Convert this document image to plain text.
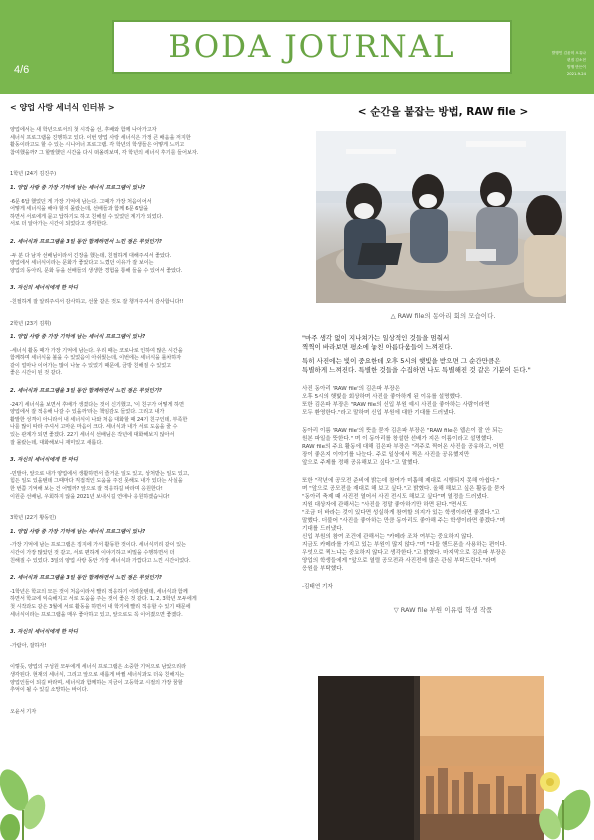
BODA JOURNAL
4/6
발행인 김윤미 오유나
편집 김소현
발행 만든이
2021-9-24
< 양업 사랑 세너식 인터뷰 >
양업에서는 새 학년으로서의 첫 시작을 선, 후배와 함께 나아가고자
세너식 프로그램을 진행하고 있다. 이번 양업 사랑 세너식은 가정 큰 배움을 저지한
활동이라고도 할 수 있는 시니어너 프로그램. 각 학년의 학생들은 어떻게 느끼고
참여했을까? 그 할말했던 시간을 다시 떠올려보며, 각 학년의 세너식 후기를 들어보자.
1학년 (24기 김진주)
1. 양업 사랑 중 가장 기억에 남는 세너식 프로그램이 있나?
-6문 6답 했었던 게 가장 기억에 남는다. 그때가 가장 처음이어서
어떻게 세너식을 해야 할지 몰랐는데, 선배들과 함께 6문 6답을
하면서 서로에게 묻고 답하기도 하고 친해질 수 있었던 계기가 되었다.
서로 더 알아가는 시간이 되었다고 생각한다.
2. 세너식과 프로그램을 3일 동안 함께하면서 느낀 점은 무엇인가?
-두 분 다 남자 선배님이라서 긴장을 했는데, 친절하게 대해주셔서 좋았다.
양업에서 세너식이라는 문화가 좋았다고 느꼈던 이유가 잘 보이는
양업의 동아리, 문화 등을 선배들의 생생한 경험을 통해 들을 수 있어서 좋았다.
3. 자신의 세너식에게 한 마디
-친절하게 잘 알려주셔서 감사하고, 선물 같은 것도 잘 챙겨주셔서 감사합니다!!
2학년 (23기 김휘)
1. 양업 사랑 중 가장 기억에 남는 세너식 프로그램이 있나?
-세너식 활동 때가 가장 기억에 남는다. 우리 때는 코로나로 인하여 많은 시간을
함께하며 세너식을 볼을 수 있었음이 아쉬웠는데, 이번에는 세너식을 롤차하자
같이 얼마나 이어가는 많이 나눌 수 있었기 때문에, 금방 친해질 수 있었고
좋은 시간이 된 것 같다.
2. 세너식과 프로그램을 3일 동안 함께하면서 느낀 점은 무엇인가?
-24기 세너식을 보면서 후배가 생겼다는 것이 신기했고, '이 친구가 어떻게 하면
양업에서 잘 적응해 나갈 수 있을까'라는 책임감도 들었다. 그리고 내가
활발한 성격이 아니라서 내 세너식이 나와 처음 대화할 때 24기 친구인데, 부족한
나를 많이 따라 주셔서 고마운 마음이 크다. 세너식과 내가 서로 도움을 줄 수
있는 관계가 되면 좋겠다. 22기 세너식 선배님은 작년에 대화해보지 않아서
잘 몰랐는데, 대화해보니 재미있고 새롭다.
3. 자신의 세너식에게 한 마디
-민발아, 앞으로 내가 양업에서 생활하면서 즐거운 일도 있고, 상처받는 일도 있고,
힘든 일도 있을텐데 그때마다 직접적인 도움을 주진 못해도 내가 있다는 사실을
한 번쯤 기억해 보는 건 어떨까? 앞으로 잘 적응하길 바라며 응원한다!
이원준 선배님, 우회하지 않을 2021년 보내시길 연애나 응원하겠습니다!
3학년 (22기 황동민)
1. 양업 사랑 중 가장 기억에 남는 세너식 프로그램이 있나?
-가장 기억에 남는 프로그램은 징지에 가서 활동한 것이다. 세너식끼리 같이 있는
시간이 가장 많았던 것 같고, 서로 편하게 이야기하고 비밀을 수행하면서 더
친해질 수 있었다. 3일의 양업 사랑 동안 가장 세너식과 가깝다고 느낀 시간이었다.
2. 세너식과 프로그램을 3일 동안 함께하면서 느낀 점은 무엇인가?
-1학년은 학교의 모든 것이 처음이라서 빨리 적응하기 어려울텐데, 세너식과 함께
하면서 학교에 익숙해지고 서로 도움을 주는 것이 좋은 것 같다. 1, 2, 3학년 모두에게
첫 시작과도 같은 3월에 서로 활동을 하면서 내 학기에 빨리 적응할 수 있기 때문에
세너식이라는 프로그램을 매우 좋아하고 있고, 앞으로도 꼭 이어졌으면 좋겠다.
3. 자신의 세너식에게 한 마디
-가람아, 잘하자!
이렇듯, 양업의 구성원 모두에게 세너식 프로그램은 소중한 기억으로 남았으리라
생각된다. 현재의 세너식, 그리고 앞으로 새롭게 바뀔 세너식과도 더욱 친해지는
양업인들이 되길 바라며, 세너식과 함께하는 지금이 고등학교 시절의 가장 꿈할
추억이 될 수 있길 소망하는 바이다.
오윤서 기자
< 순간을 붙잡는 방법, RAW file >
△ RAW file의 동아리 회의 모습이다.
"마주 생각 없이 지나쳐가는 일상적인 것들을 멈춰서
찍찍이 바라보면 평소에 놓친 아름다움들이 느껴진다.
특히 사진에는 빛이 중요한데 오후 5시의 햇빛을 받으면 그 순간만큼은
특별하게 느껴진다. 특별한 것들을 수집하면 나도 특별해진 것 같은 기분이 든다."
사진 동아리 'RAW file'의 김은파 부장은
오후 5시의 햇빛을 회상하며 사진을 좋아하게 된 이유를 설명했다.
또한 김은파 부장은 "RAW file의 신입 부원 예시 사진을 좋아하는 사람이라면
모두 환영한다."라고 말하며 신입 부원에 대한 기대를 드러냈다.
동아리 이름 'RAW file'의 뜻을 묻자 김은파 부장은 "RAW file은 웹손이 잘 안 되는
원본 파일을 뜻한다." 며 이 동아리를 창설한 선배가 지은 이름이라고 설명했다.
RAW file의 주요 활동에 대해 김은파 부장은 "격주로 찍어온 사진을 공유하고, 어떤
장이 좋은지 이야기를 나눈다. 주로 일상에서 찍은 사진을 공유했지만
앞으로 주제를 정해 공유해보고 싶다."고 말했다.
또한 "작년에 공모전 준비에 밝는데 참여가 미흡해 제대로 시행되지 못해 아쉽다."
며 "앞으로 공모전을 재대로 해 보고 싶다."고 밝혔다. 올해 해보고 싶은 활동을 묻자
"동아리 축제 때 사진전 열어서 사진 전시도 해보고 싶다"며 열정을 드러냈다.
지원 대상자에 관해서는 "사진을 정말 좋아하기만 하면 된다."면서도
"조금 더 바라는 것이 있다면 성실하게 참여할 의지가 있는 학생이라면 좋겠다."고
말했다. 더불어 "사진을 좋아하는 만큼 동아리도 좋아해 주는 학생이라면 좋겠다."며
기대를 드러냈다.
신입 부원의 참여 조건에 관해서는 "카메라 조차 여부는 중요하지 않다.
지금도 카메라를 가지고 있는 부원이 많지 않다."며 "다들 핸드폰을 사용하는 편이다.
우엇으로 찍느냐는 중요하지 않다고 생각한다."고 밝혔다. 마지막으로 김은파 부장은
양업의 학생들에게 "앞으로 열렬 공모전과 사진전에 많은 관심 부탁드린다."라며
응원을 부탁했다.
-김태연 기자
▽ RAW file 부원 이유림 학생 작품
